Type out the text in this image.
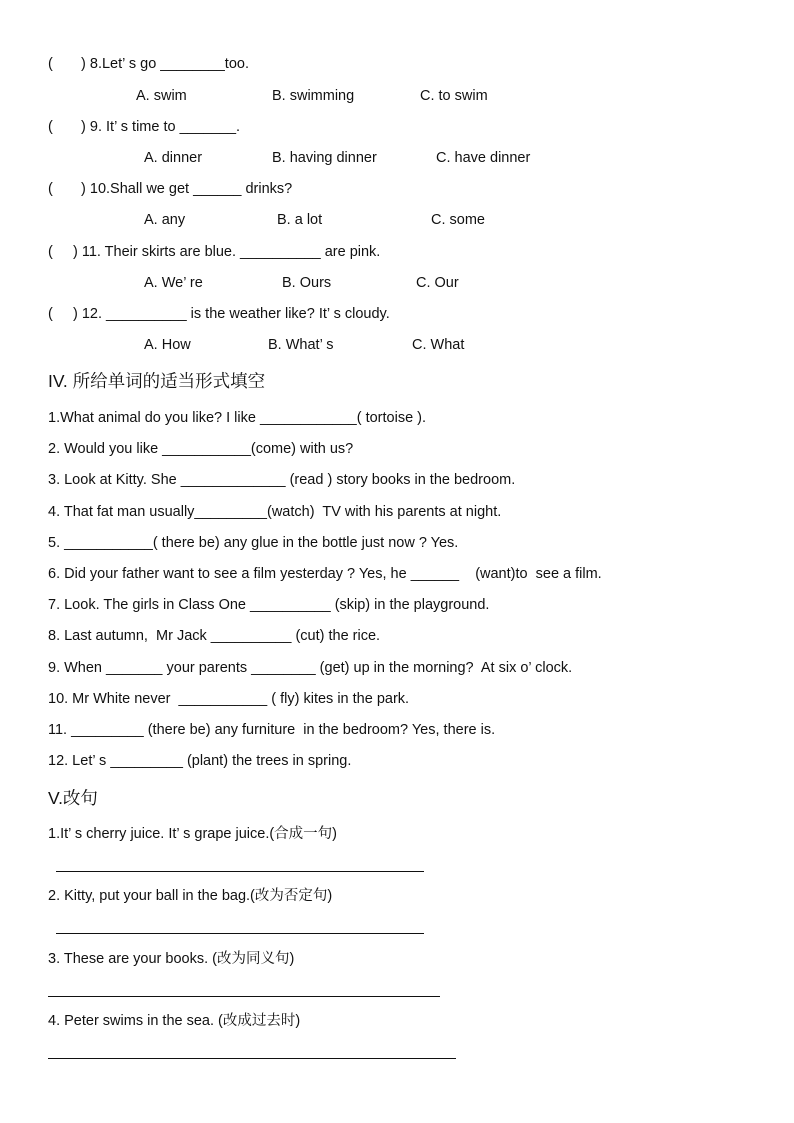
(       ) 8.Let’ s go ________too.
A. swim	B. swimming	C. to swim
(       ) 9. It’ s time to _______.
A. dinner	B. having dinner	C. have dinner
(       ) 10.Shall we get ______ drinks?
A. any	B. a lot	C. some
(     ) 11. Their skirts are blue. __________ are pink.
A. We’ re	B. Ours	C. Our
(     ) 12. __________ is the weather like? It’ s cloudy.
A. How	B. What’ s	C. What
IV. 所给单词的适当形式填空
1.What animal do you like? I like ____________( tortoise ).
2. Would you like ___________(come) with us?
3. Look at Kitty. She _____________ (read ) story books in the bedroom.
4. That fat man usually_________(watch)  TV with his parents at night.
5. ___________( there be) any glue in the bottle just now ? Yes.
6. Did your father want to see a film yesterday ? Yes, he ______    (want)to  see a film.
7. Look. The girls in Class One __________ (skip) in the playground.
8. Last autumn,  Mr Jack __________ (cut) the rice.
9. When _______ your parents ________ (get) up in the morning?  At six o’ clock.
10. Mr White never  ___________ ( fly) kites in the park.
11. _________ (there be) any furniture  in the bedroom? Yes, there is.
12. Let’ s _________ (plant) the trees in spring.
V.改句
1.It’ s cherry juice. It’ s grape juice.(合成一句)
2. Kitty, put your ball in the bag.(改为否定句)
3. These are your books. (改为同义句)
4. Peter swims in the sea. (改成过去时)
